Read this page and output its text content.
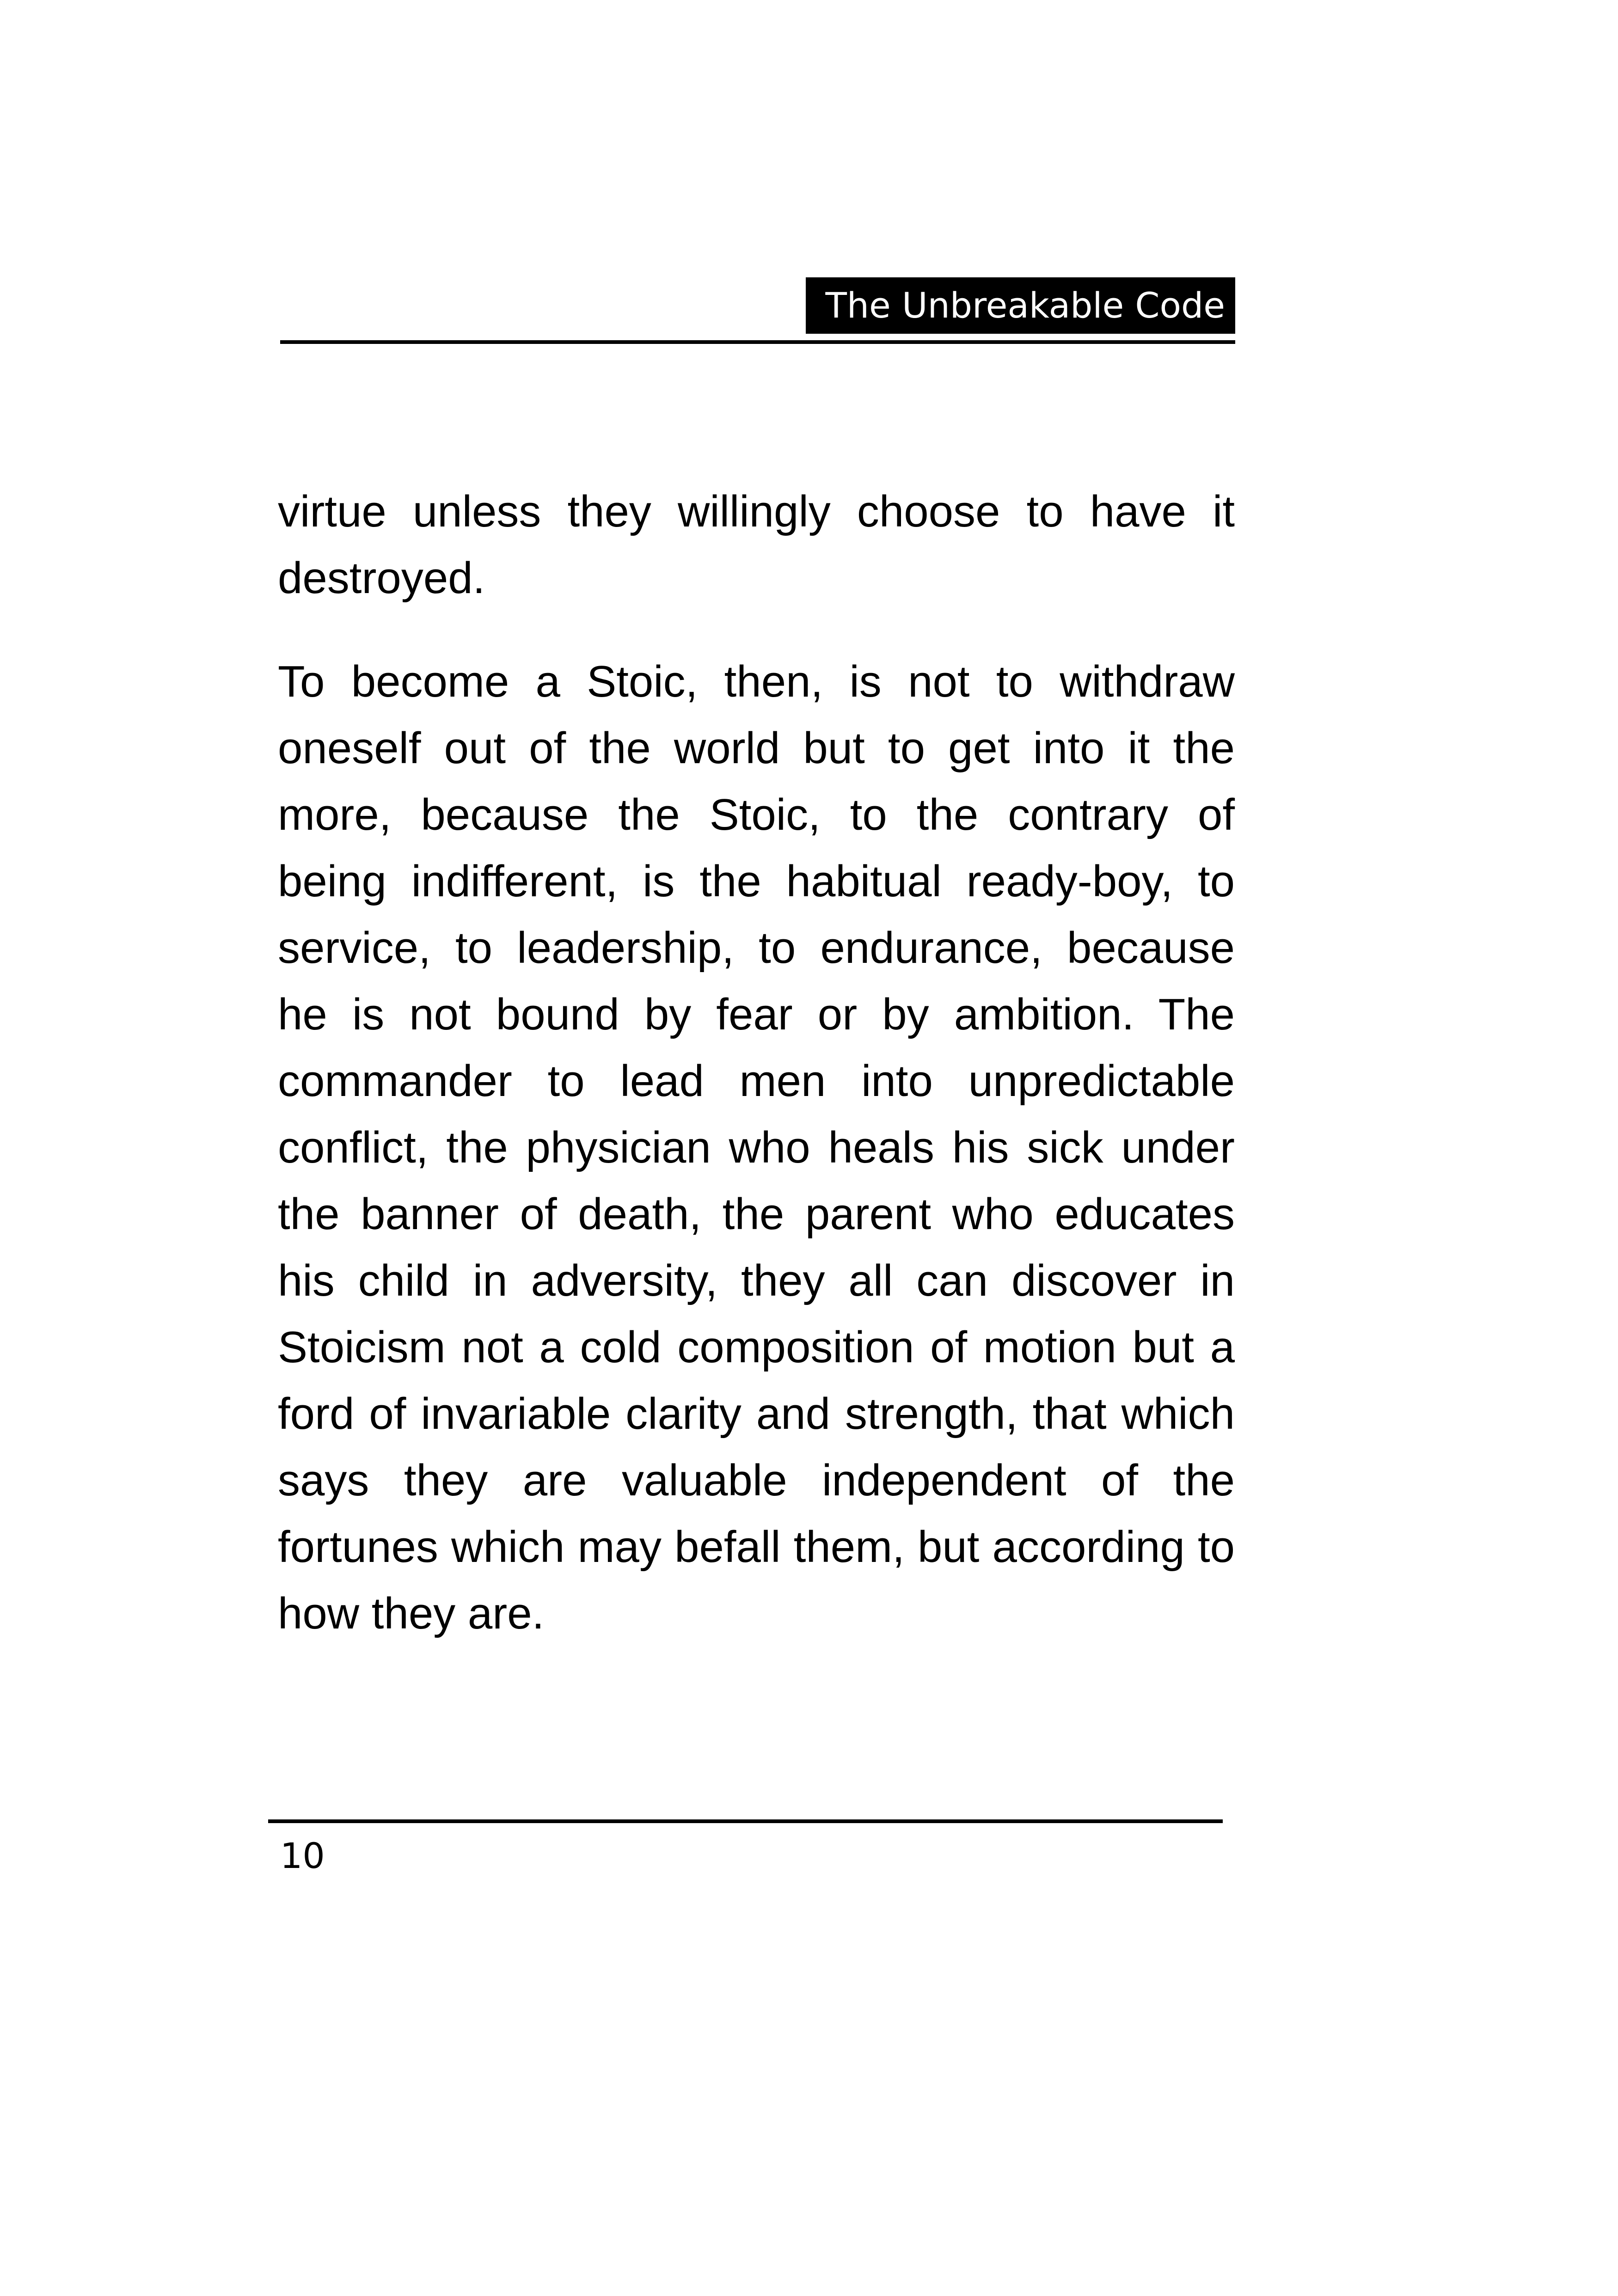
The Unbreakable Code

virtue unless they willingly choose to have it destroyed.

To become a Stoic, then, is not to withdraw oneself out of the world but to get into it the more, because the Stoic, to the contrary of being indifferent, is the habitual ready-boy, to service, to leadership, to endurance, because he is not bound by fear or by ambition. The commander to lead men into unpredictable conflict, the physician who heals his sick under the banner of death, the parent who educates his child in adversity, they all can discover in Stoicism not a cold composition of motion but a ford of invariable clarity and strength, that which says they are valuable independent of the fortunes which may befall them, but according to how they are.

10
